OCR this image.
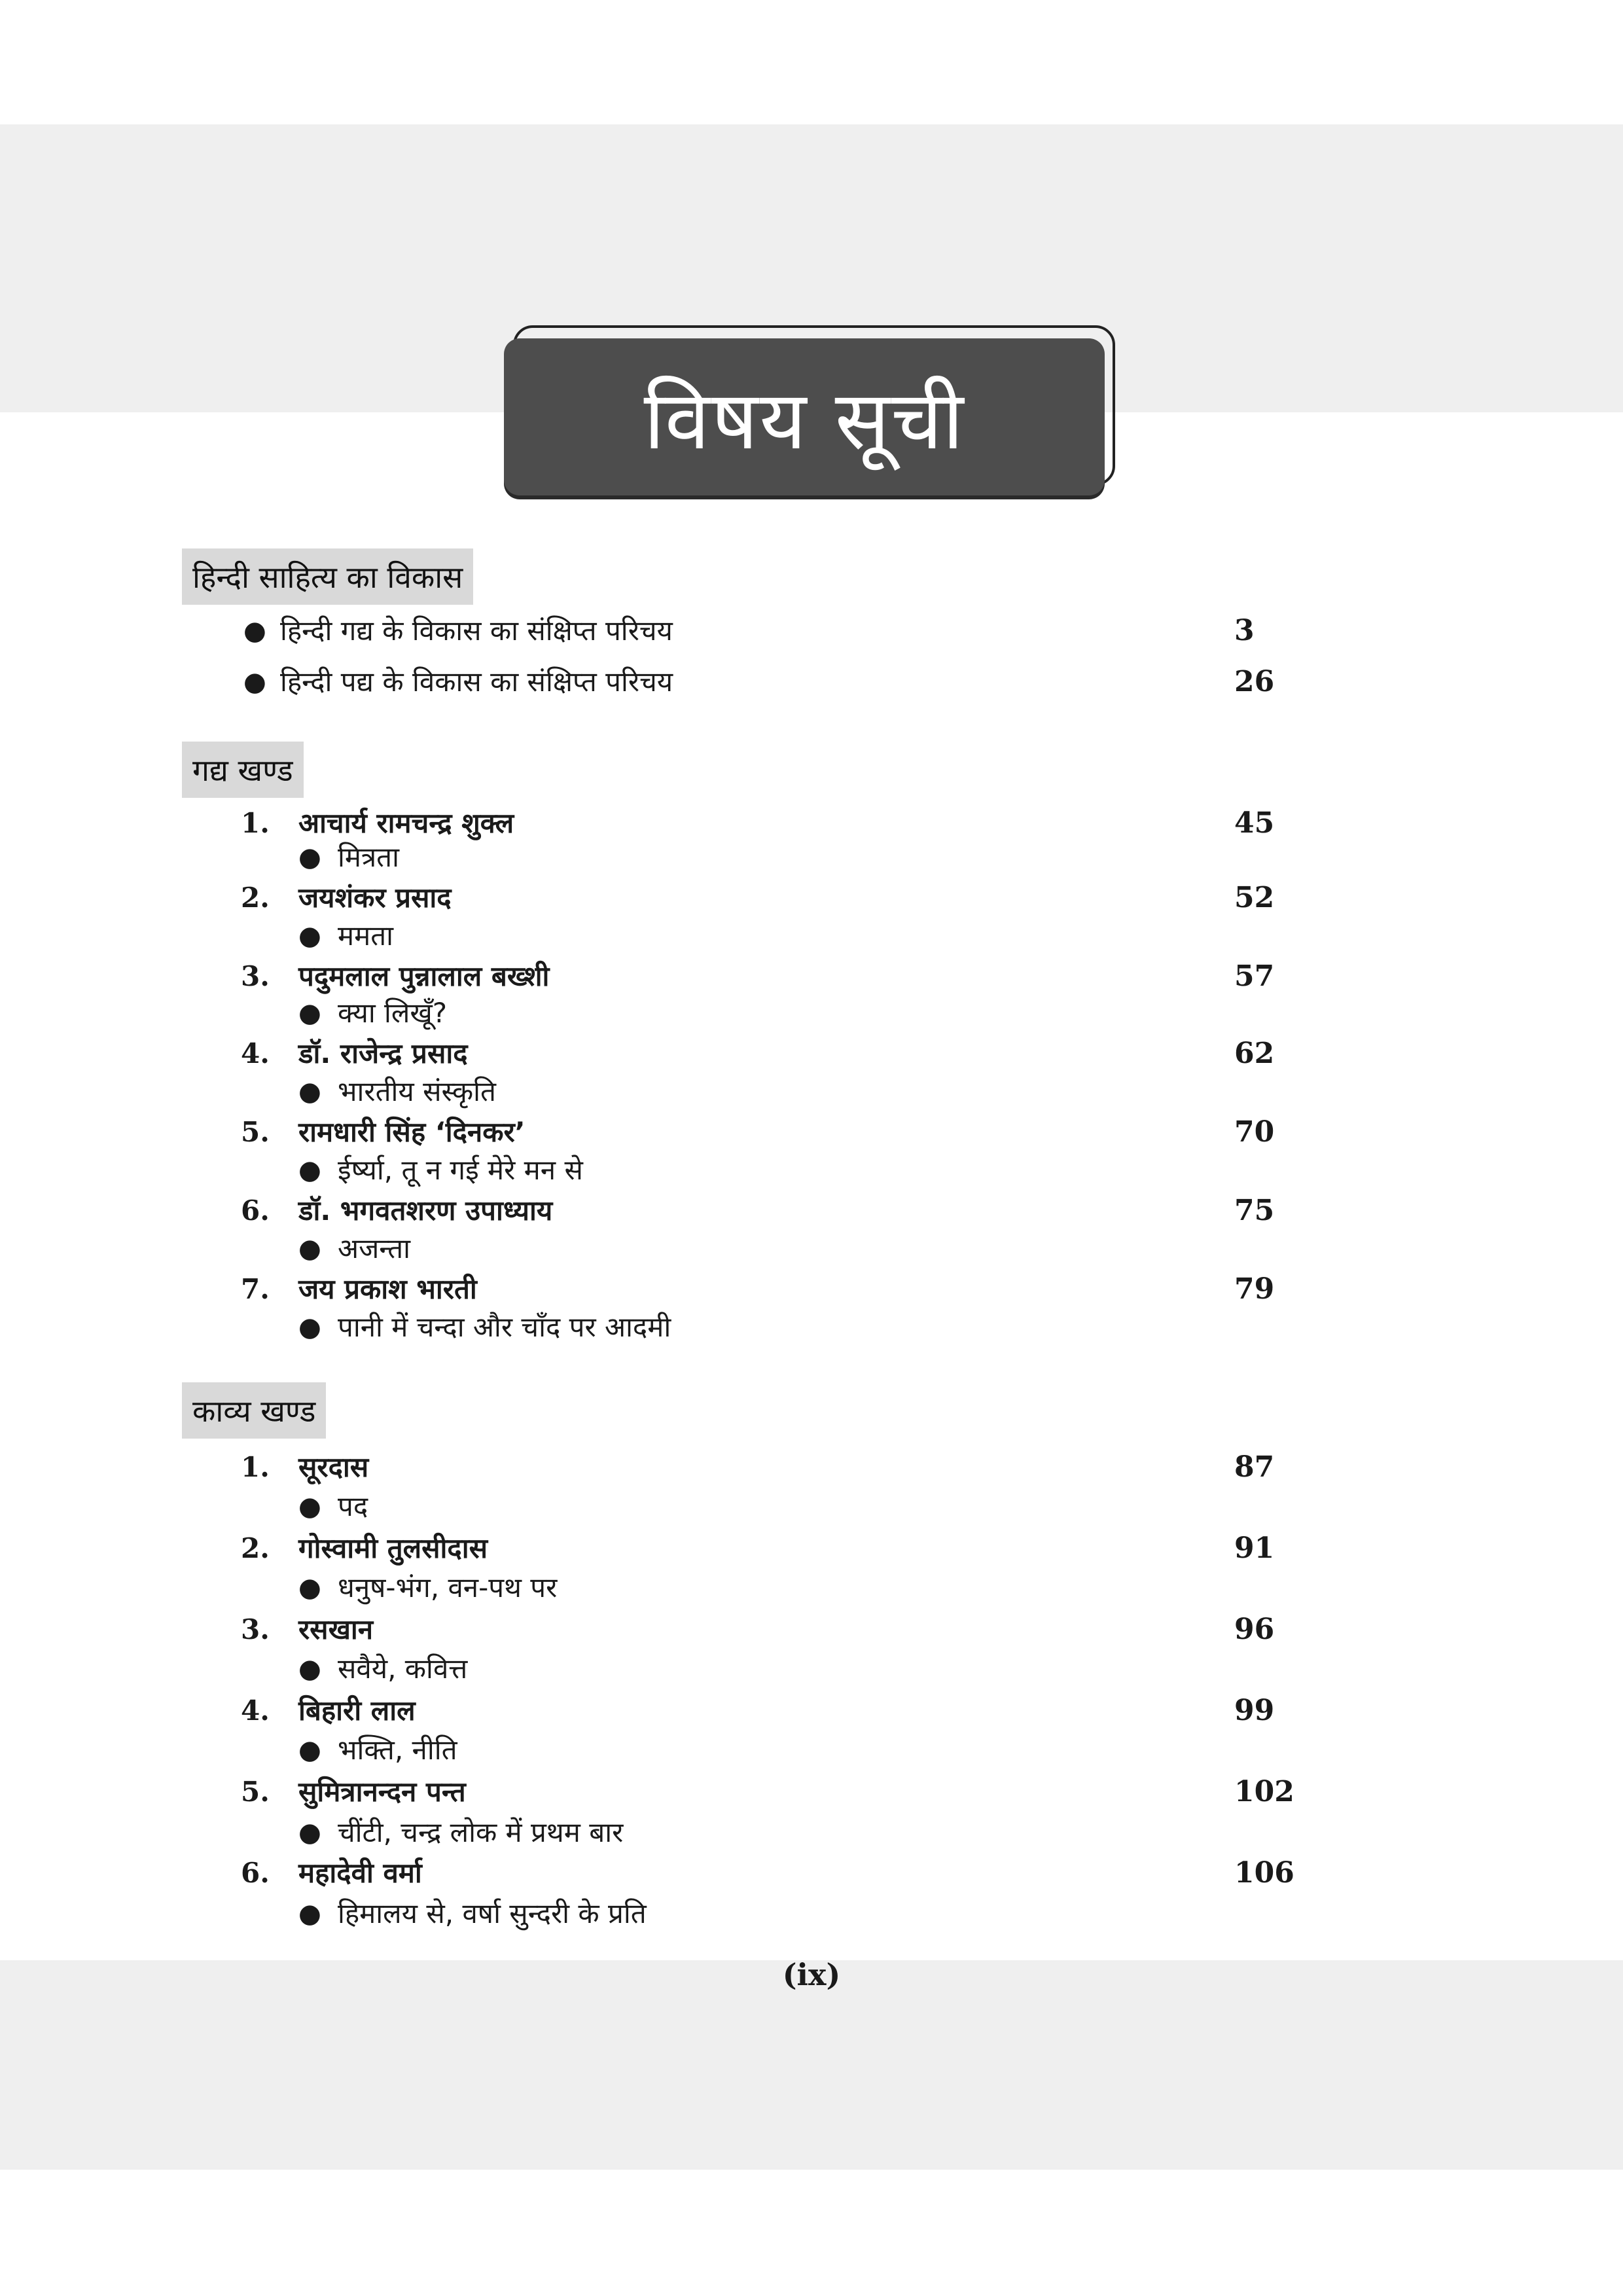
विषय सूची
हिन्दी साहित्य का विकास
● हिन्दी गद्य के विकास का संक्षिप्त परिचय	3
● हिन्दी पद्य के विकास का संक्षिप्त परिचय	26
गद्य खण्ड
1. आचार्य रामचन्द्र शुक्ल	45
● मित्रता
2. जयशंकर प्रसाद	52
● ममता
3. पदुमलाल पुन्नालाल बख्शी	57
● क्या लिखूँ?
4. डॉ. राजेन्द्र प्रसाद	62
● भारतीय संस्कृति
5. रामधारी सिंह ‘दिनकर’	70
● ईर्ष्या, तू न गई मेरे मन से
6. डॉ. भगवतशरण उपाध्याय	75
● अजन्ता
7. जय प्रकाश भारती	79
● पानी में चन्दा और चाँद पर आदमी
काव्य खण्ड
1. सूरदास	87
● पद
2. गोस्वामी तुलसीदास	91
● धनुष-भंग, वन-पथ पर
3. रसखान	96
● सवैये, कवित्त
4. बिहारी लाल	99
● भक्ति, नीति
5. सुमित्रानन्दन पन्त	102
● चींटी, चन्द्र लोक में प्रथम बार
6. महादेवी वर्मा	106
● हिमालय से, वर्षा सुन्दरी के प्रति
(ix)
